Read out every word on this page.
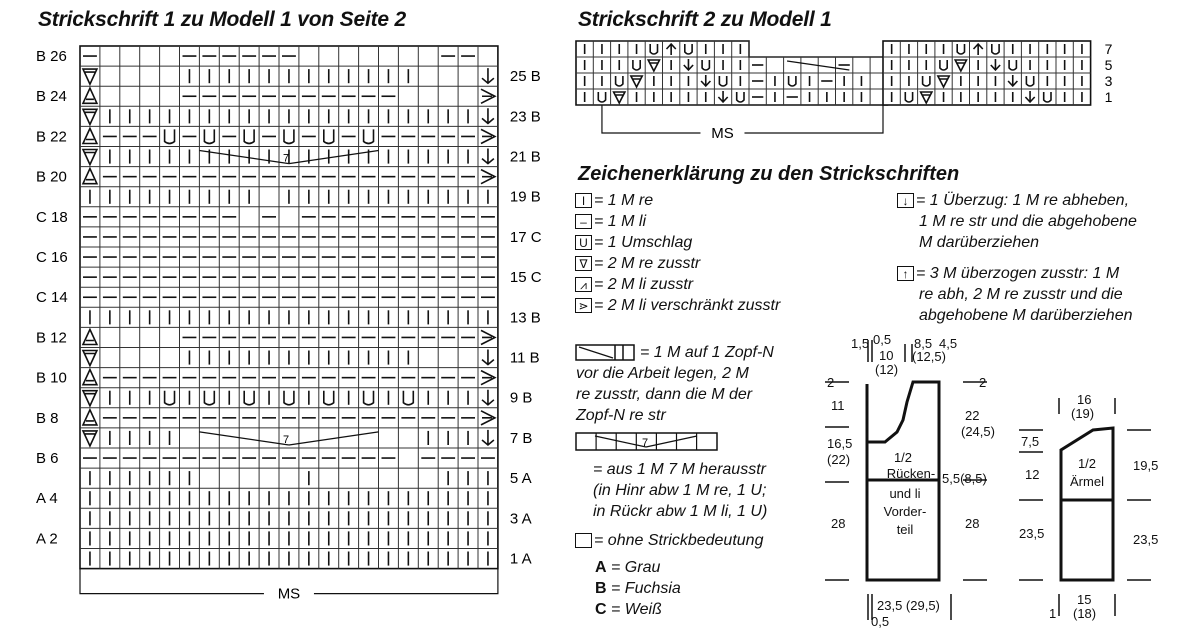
Strickschrift 1 zu Modell 1 von Seite 2
7
7
B 26
B 24
B 22
B 20
C 18
C 16
C 14
B 12
B 10
B 8
B 6
A 4
A 2
25 B
23 B
21 B
19 B
17 C
15 C
13 B
11 B
9 B
7 B
5 A
3 A
1 A
MS
Strickschrift 2 zu Modell 1
7
5
3
1
MS
Zeichenerklärung zu den Strickschriften
I = 1 M re
– = 1 M li
U = 1 Umschlag
∇ = 2 M re zusstr
⩘ = 2 M li zusstr
⋗ = 2 M li verschränkt zusstr
= 1 M auf 1 Zopf-N
vor die Arbeit legen, 2 M
re zusstr, dann die M der
Zopf-N re str
7
= aus 1 M 7 M herausstr
(in Hinr abw 1 M re, 1 U;
in Rückr abw 1 M li, 1 U)
= ohne Strickbedeutung
A = Grau
B = Fuchsia
C = Weiß
↓ = 1 Überzug: 1 M re abheben,
1 M re str und die abgehobene
M darüberziehen
↑ = 3 M überzogen zusstr: 1 M
re abh, 2 M re zusstr und die
abgehobene M darüberziehen
1/2
Rücken-
und li
Vorder-
teil
1,5 0,5
10
(12)
8,5
(12,5)
4,5
2
11
16,5
(22)
28
2
22
(24,5)
5,5(8,5)
28
23,5 (29,5)
0,5
1/2
Ärmel
16
(19)
7,5
12
23,5
19,5
23,5
15
(18)
1
